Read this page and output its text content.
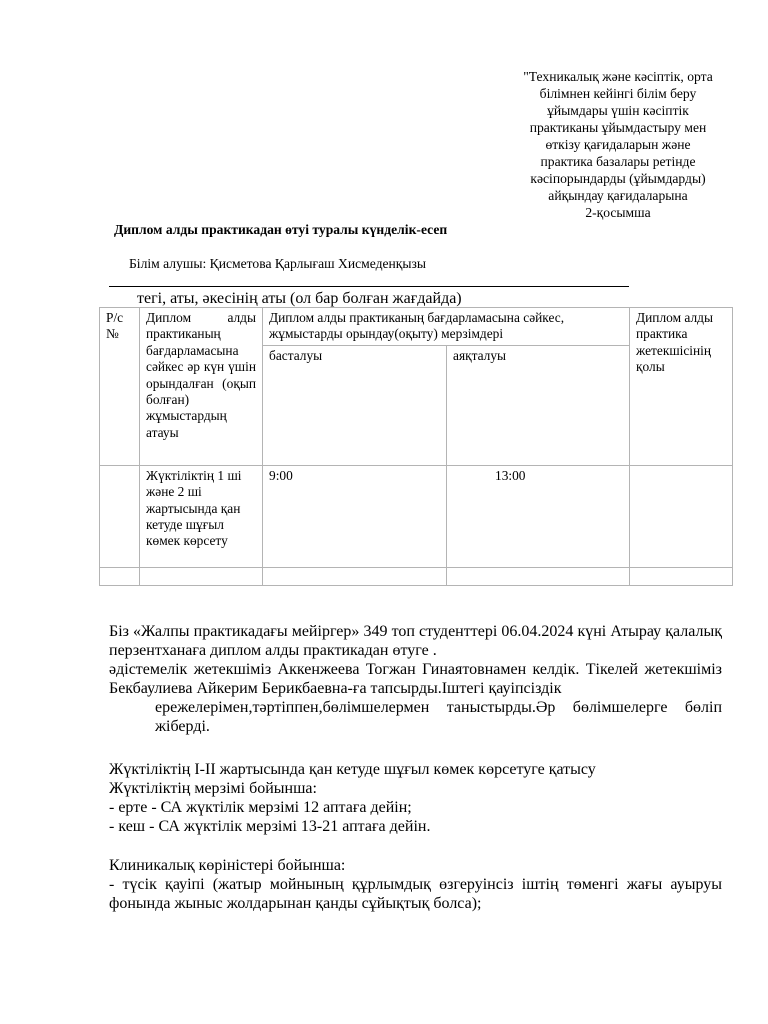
"Техникалық және кәсіптік, орта
білімнен кейінгі білім беру
ұйымдары үшін кәсіптік
практиканы ұйымдастыру мен
өткізу қағидаларын және
практика базалары ретінде
кәсіпорындарды (ұйымдарды)
айқындау қағидаларына
2-қосымша
Диплом алды практикадан өтуі туралы күнделік-есеп
Білім алушы: Қисметова Қарлығаш Хисмеденқызы
тегі, аты, әкесінің аты (ол бар болған жағдайда)
Р/с №	Диплом алды практиканың бағдарламасына сәйкес әр күн үшін орындалған (оқып болған) жұмыстардың атауы	Диплом алды практиканың бағдарламасына сәйкес, жұмыстарды орындау(оқыту) мерзімдері		Диплом алды практика жетекшісінің қолы
		басталуы	аяқталуы	
	Жүктіліктің 1 ші және 2 ші жартысында қан кетуде шұғыл көмек көрсету	9:00	13:00	

Біз «Жалпы практикадағы мейіргер» 349 топ студенттері 06.04.2024 күні Атырау қалалық перзентханаға диплом алды практикадан өтуге .

әдістемелік жетекшіміз Аккенжеева Тогжан Гинаятовнамен келдік. Тікелей жетекшіміз Бекбаулиева Айкерим Берикбаевна-ға тапсырды.Іштегі қауіпсіздік

ережелерімен,тәртіппен,бөлімшелермен таныстырды.Әр бөлімшелерге бөліп жіберді.

Жүктіліктің I-II жартысында қан кетуде шұғыл көмек көрсетуге қатысу

Жүктіліктің мерзімі бойынша:

- ерте - СА жүктілік мерзімі 12 аптаға дейін;

- кеш - СА жүктілік мерзімі 13-21 аптаға дейін.

Клиникалық көріністері бойынша:

- түсік қауіпі (жатыр мойнының құрлымдық өзгеруінсіз іштің төменгі жағы ауыруы фонында жыныс жолдарынан қанды сұйықтық болса);
